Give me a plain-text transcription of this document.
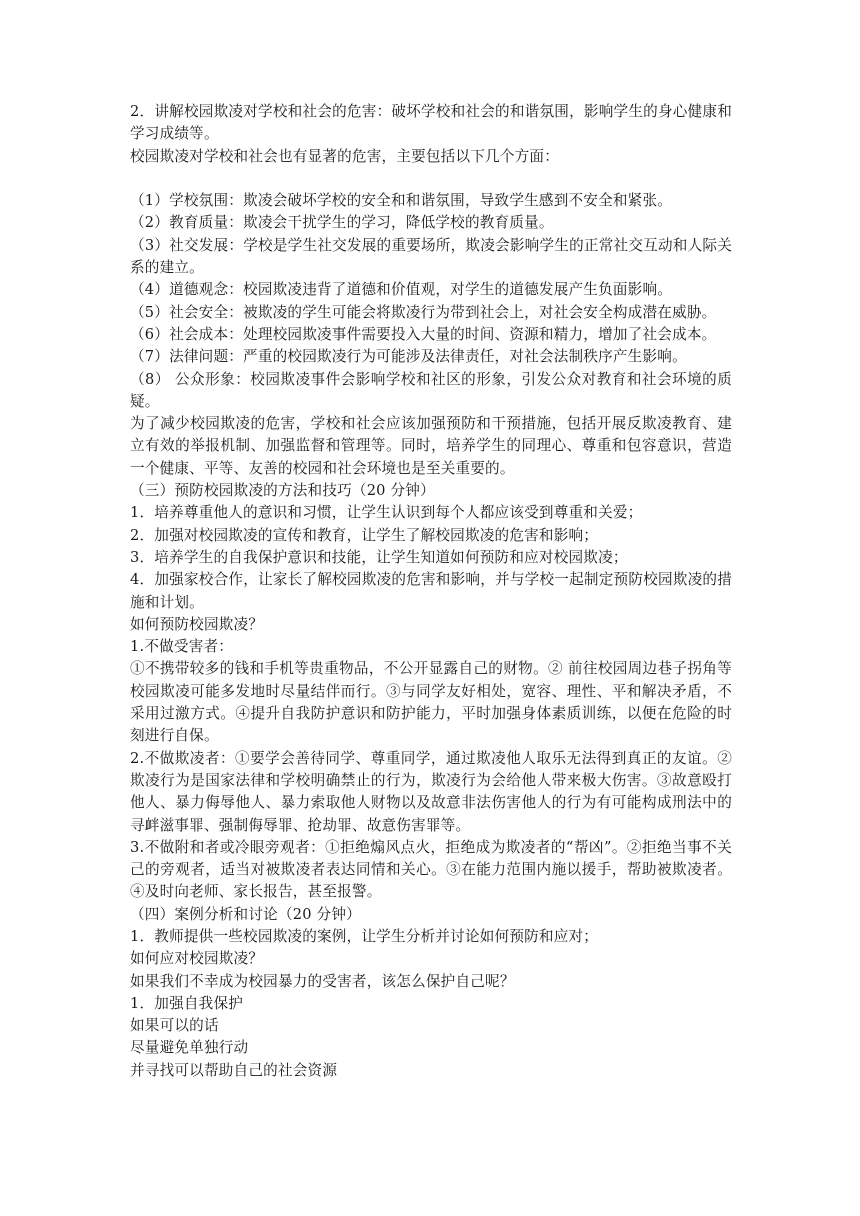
2．讲解校园欺凌对学校和社会的危害：破坏学校和社会的和谐氛围，影响学生的身心健康和学习成绩等。

校园欺凌对学校和社会也有显著的危害，主要包括以下几个方面：

（1）学校氛围：欺凌会破坏学校的安全和和谐氛围，导致学生感到不安全和紧张。

（2）教育质量：欺凌会干扰学生的学习，降低学校的教育质量。

（3）社交发展：学校是学生社交发展的重要场所，欺凌会影响学生的正常社交互动和人际关系的建立。

（4）道德观念：校园欺凌违背了道德和价值观，对学生的道德发展产生负面影响。

（5）社会安全：被欺凌的学生可能会将欺凌行为带到社会上，对社会安全构成潜在威胁。

（6）社会成本：处理校园欺凌事件需要投入大量的时间、资源和精力，增加了社会成本。

（7）法律问题：严重的校园欺凌行为可能涉及法律责任，对社会法制秩序产生影响。

（8） 公众形象：校园欺凌事件会影响学校和社区的形象，引发公众对教育和社会环境的质疑。

为了减少校园欺凌的危害，学校和社会应该加强预防和干预措施，包括开展反欺凌教育、建立有效的举报机制、加强监督和管理等。同时，培养学生的同理心、尊重和包容意识，营造一个健康、平等、友善的校园和社会环境也是至关重要的。

（三）预防校园欺凌的方法和技巧（20 分钟）

1．培养尊重他人的意识和习惯，让学生认识到每个人都应该受到尊重和关爱；

2．加强对校园欺凌的宣传和教育，让学生了解校园欺凌的危害和影响；

3．培养学生的自我保护意识和技能，让学生知道如何预防和应对校园欺凌；

4．加强家校合作，让家长了解校园欺凌的危害和影响，并与学校一起制定预防校园欺凌的措施和计划。

如何预防校园欺凌？

1.不做受害者：

①不携带较多的钱和手机等贵重物品，不公开显露自己的财物。② 前往校园周边巷子拐角等校园欺凌可能多发地时尽量结伴而行。③与同学友好相处，宽容、理性、平和解决矛盾，不采用过激方式。④提升自我防护意识和防护能力，平时加强身体素质训练，以便在危险的时刻进行自保。

2.不做欺凌者：①要学会善待同学、尊重同学，通过欺凌他人取乐无法得到真正的友谊。②欺凌行为是国家法律和学校明确禁止的行为，欺凌行为会给他人带来极大伤害。③故意殴打他人、暴力侮辱他人、暴力索取他人财物以及故意非法伤害他人的行为有可能构成刑法中的寻衅滋事罪、强制侮辱罪、抢劫罪、故意伤害罪等。

3.不做附和者或冷眼旁观者：①拒绝煽风点火，拒绝成为欺凌者的“帮凶”。②拒绝当事不关己的旁观者，适当对被欺凌者表达同情和关心。③在能力范围内施以援手，帮助被欺凌者。④及时向老师、家长报告，甚至报警。

（四）案例分析和讨论（20 分钟）

1．教师提供一些校园欺凌的案例，让学生分析并讨论如何预防和应对；

如何应对校园欺凌？

如果我们不幸成为校园暴力的受害者，该怎么保护自己呢？

1．加强自我保护

如果可以的话

尽量避免单独行动

并寻找可以帮助自己的社会资源
